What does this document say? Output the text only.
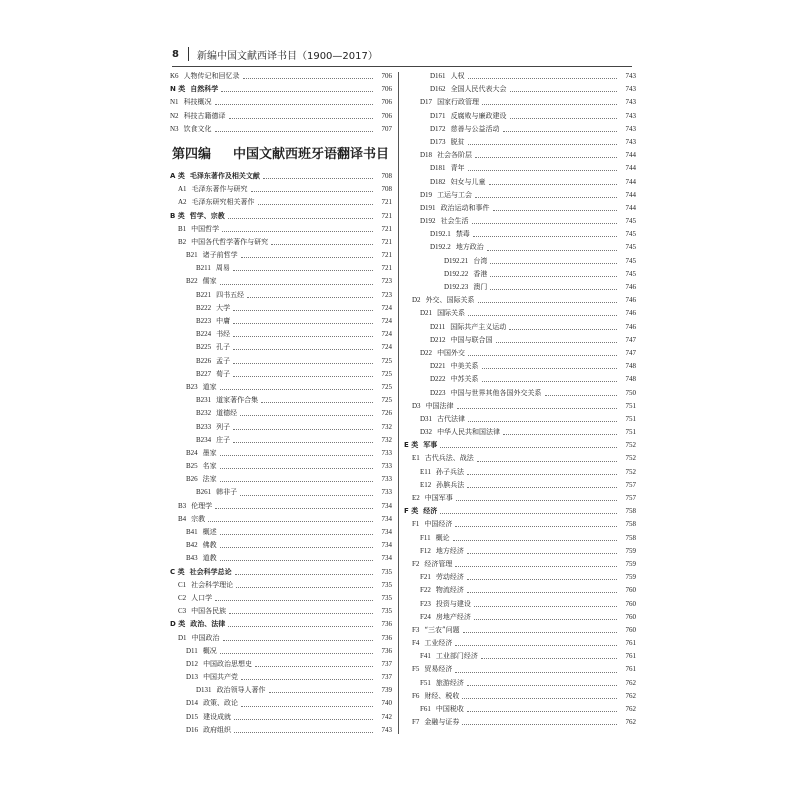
8 新编中国文献西译书目（1900—2017）
K6 人物传记和回忆录	706
N 类 自然科学	706
N1 科技概况	706
N2 科技古籍德译	706
N3 饮食文化	707
第四编 中国文献西班牙语翻译书目
A 类 毛泽东著作及相关文献	708
A1 毛泽东著作与研究	708
A2 毛泽东研究相关著作	721
B 类 哲学、宗教	721
B1 中国哲学	721
B2 中国各代哲学著作与研究	721
B21 诸子前哲学	721
B211 周易	721
B22 儒家	723
B221 四书五经	723
B222 大学	724
B223 中庸	724
B224 书经	724
B225 孔子	724
B226 孟子	725
B227 荀子	725
B23 道家	725
B231 道家著作合集	725
B232 道德经	726
B233 列子	732
B234 庄子	732
B24 墨家	733
B25 名家	733
B26 法家	733
B261 韩非子	733
B3 伦理学	734
B4 宗教	734
B41 概述	734
B42 佛教	734
B43 道教	734
C 类 社会科学总论	735
C1 社会科学理论	735
C2 人口学	735
C3 中国各民族	735
D 类 政治、法律	736
D1 中国政治	736
D11 概况	736
D12 中国政治思想史	737
D13 中国共产党	737
D131 政治领导人著作	739
D14 政策、政论	740
D15 建设成就	742
D16 政府组织	743
D161 人权	743
D162 全国人民代表大会	743
D17 国家行政管理	743
D171 反腐败与廉政建设	743
D172 慈善与公益活动	743
D173 脱贫	743
D18 社会各阶层	744
D181 青年	744
D182 妇女与儿童	744
D19 工运与工会	744
D191 政治运动和事件	744
D192 社会生活	745
D192.1 禁毒	745
D192.2 地方政治	745
D192.21 台湾	745
D192.22 香港	745
D192.23 澳门	746
D2 外交、国际关系	746
D21 国际关系	746
D211 国际共产主义运动	746
D212 中国与联合国	747
D22 中国外交	747
D221 中美关系	748
D222 中苏关系	748
D223 中国与世界其他各国外交关系	750
D3 中国法律	751
D31 古代法律	751
D32 中华人民共和国法律	751
E 类 军事	752
E1 古代兵法、战法	752
E11 孙子兵法	752
E12 孙膑兵法	757
E2 中国军事	757
F 类 经济	758
F1 中国经济	758
F11 概论	758
F12 地方经济	759
F2 经济管理	759
F21 劳动经济	759
F22 物流经济	760
F23 投资与建设	760
F24 房地产经济	760
F3 “三农”问题	760
F4 工业经济	761
F41 工业部门经济	761
F5 贸易经济	761
F51 旅游经济	762
F6 财经、税收	762
F61 中国税收	762
F7 金融与证券	762
